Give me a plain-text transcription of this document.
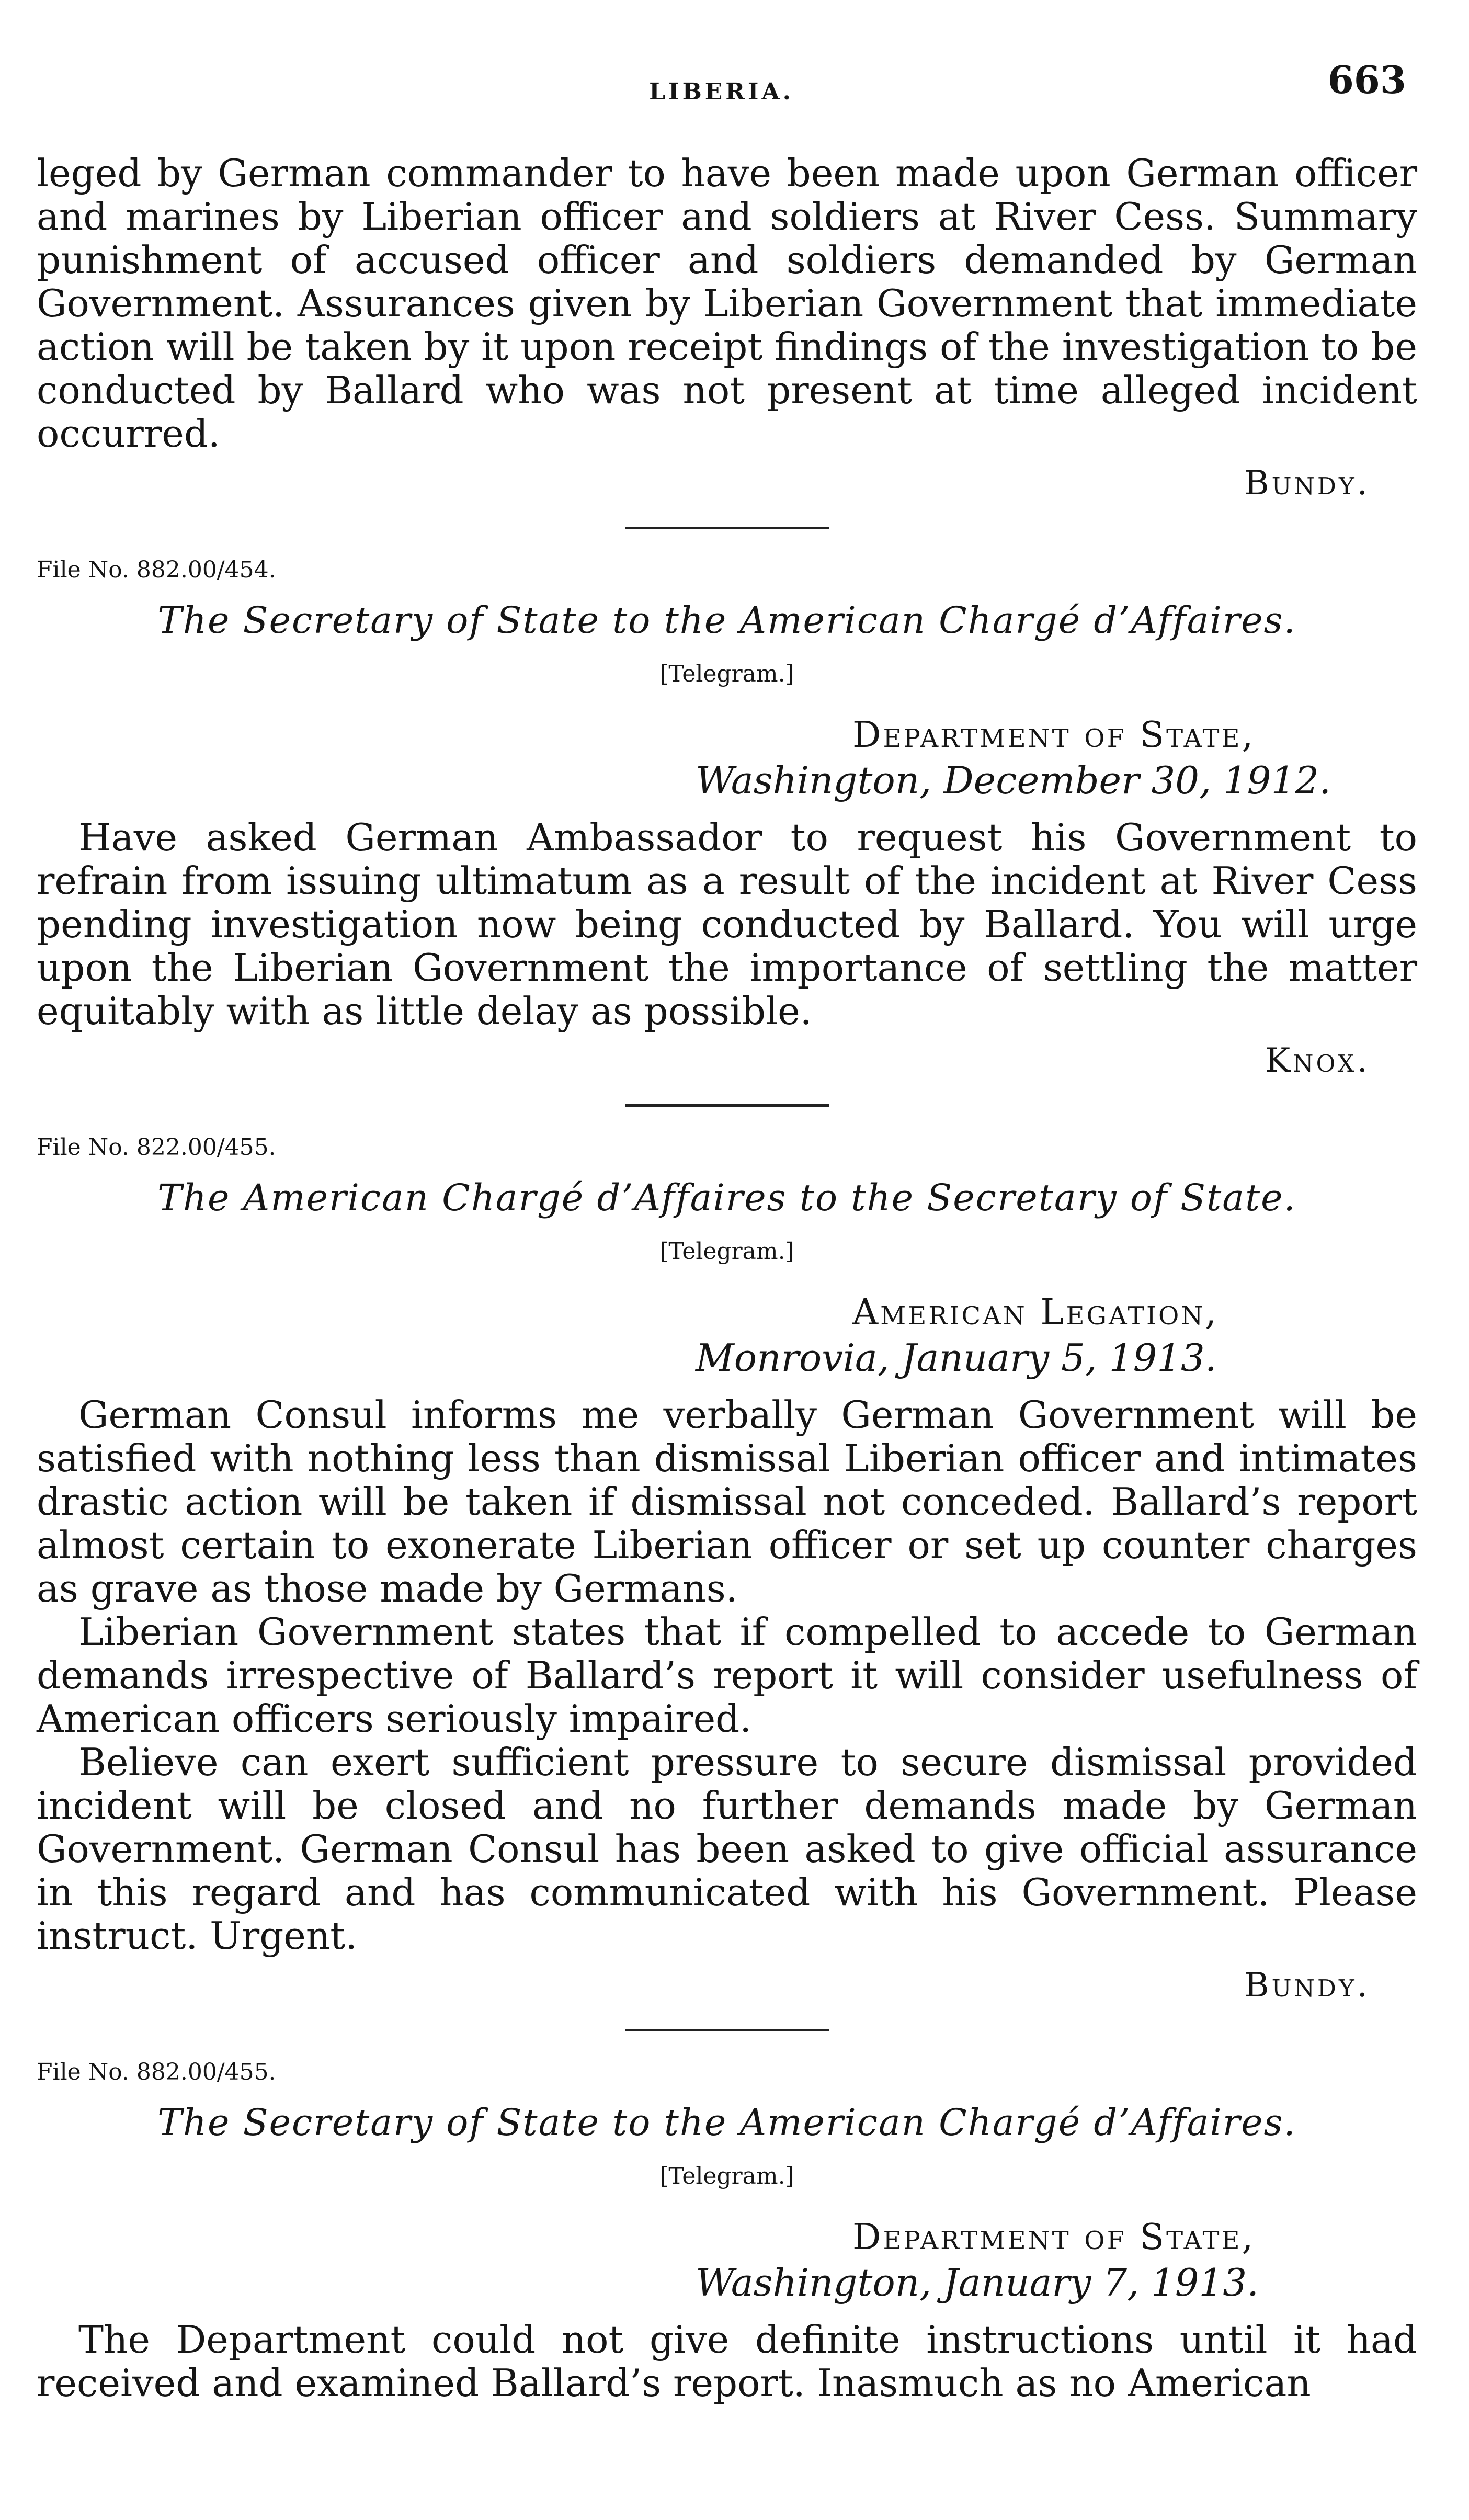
LIBERIA.	663

leged by German commander to have been made upon German officer and marines by Liberian officer and soldiers at River Cess. Summary punishment of accused officer and soldiers demanded by German Government. Assurances given by Liberian Government that immediate action will be taken by it upon receipt findings of the investigation to be conducted by Ballard who was not present at time alleged incident occurred.

Bundy.
File No. 882.00/454.
The Secretary of State to the American Chargé d’Affaires.
[Telegram.]
Department of State,
Washington, December 30, 1912.

Have asked German Ambassador to request his Government to refrain from issuing ultimatum as a result of the incident at River Cess pending investigation now being conducted by Ballard. You will urge upon the Liberian Government the importance of settling the matter equitably with as little delay as possible.

Knox.
File No. 822.00/455.
The American Chargé d’Affaires to the Secretary of State.
[Telegram.]
American Legation,
Monrovia, January 5, 1913.

German Consul informs me verbally German Government will be satisfied with nothing less than dismissal Liberian officer and intimates drastic action will be taken if dismissal not conceded. Ballard’s report almost certain to exonerate Liberian officer or set up counter charges as grave as those made by Germans.

Liberian Government states that if compelled to accede to German demands irrespective of Ballard’s report it will consider usefulness of American officers seriously impaired.

Believe can exert sufficient pressure to secure dismissal provided incident will be closed and no further demands made by German Government. German Consul has been asked to give official assurance in this regard and has communicated with his Government. Please instruct. Urgent.

Bundy.
File No. 882.00/455.
The Secretary of State to the American Chargé d’Affaires.
[Telegram.]
Department of State,
Washington, January 7, 1913.

The Department could not give definite instructions until it had received and examined Ballard’s report. Inasmuch as no American
